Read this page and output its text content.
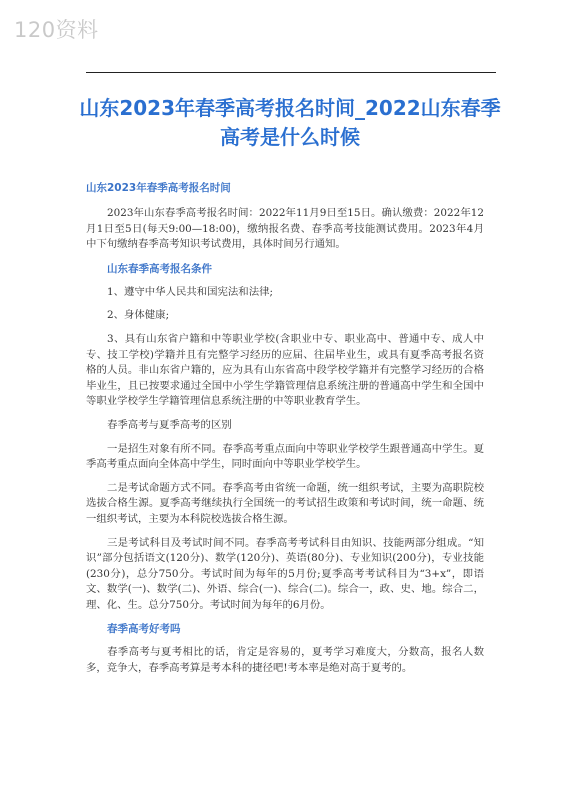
120资料
山东2023年春季高考报名时间_2022山东春季高考是什么时候
山东2023年春季高考报名时间

2023年山东春季高考报名时间：2022年11月9日至15日。确认缴费：2022年12月1日至5日(每天9:00—18:00)，缴纳报名费、春季高考技能测试费用。2023年4月中下旬缴纳春季高考知识考试费用，具体时间另行通知。

山东春季高考报名条件

1、遵守中华人民共和国宪法和法律;

2、身体健康;

3、具有山东省户籍和中等职业学校(含职业中专、职业高中、普通中专、成人中专、技工学校)学籍并且有完整学习经历的应届、往届毕业生，或具有夏季高考报名资格的人员。非山东省户籍的，应为具有山东省高中段学校学籍并有完整学习经历的合格毕业生，且已按要求通过全国中小学生学籍管理信息系统注册的普通高中学生和全国中等职业学校学生学籍管理信息系统注册的中等职业教育学生。

春季高考与夏季高考的区别

一是招生对象有所不同。春季高考重点面向中等职业学校学生跟普通高中学生。夏季高考重点面向全体高中学生，同时面向中等职业学校学生。

二是考试命题方式不同。春季高考由省统一命题，统一组织考试，主要为高职院校选拔合格生源。夏季高考继续执行全国统一的考试招生政策和考试时间，统一命题、统一组织考试，主要为本科院校选拔合格生源。

三是考试科目及考试时间不同。春季高考考试科目由知识、技能两部分组成。“知识”部分包括语文(120分)、数学(120分)、英语(80分)、专业知识(200分)，专业技能(230分)，总分750分。考试时间为每年的5月份;夏季高考考试科目为“3+x”，即语文、数学(一)、数学(二)、外语、综合(一)、综合(二)。综合一，政、史、地。综合二，理、化、生。总分750分。考试时间为每年的6月份。

春季高考好考吗

春季高考与夏考相比的话，肯定是容易的，夏考学习难度大，分数高，报名人数多，竞争大，春季高考算是考本科的捷径吧!考本率是绝对高于夏考的。
